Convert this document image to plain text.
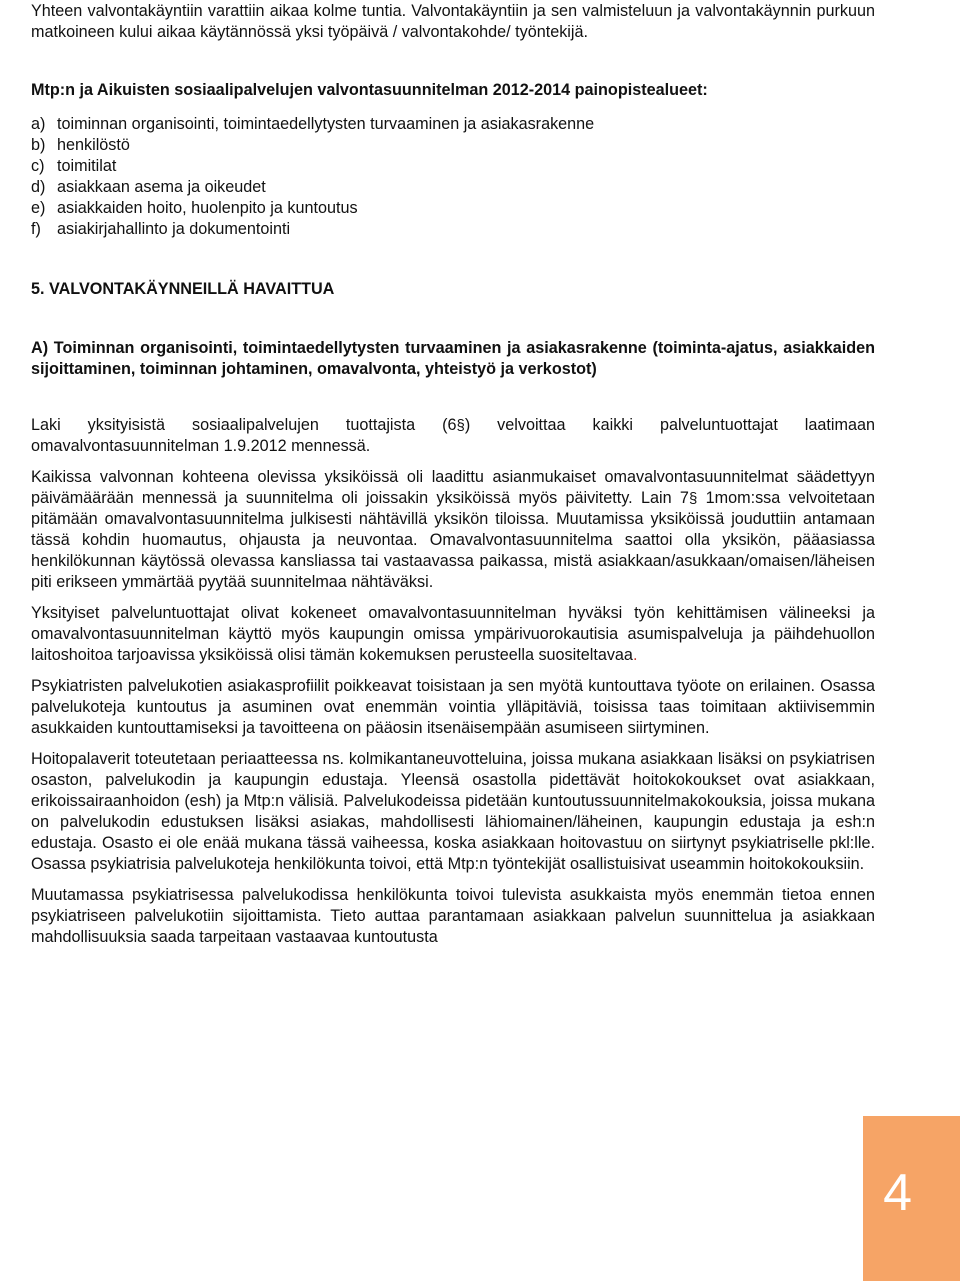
Yhteen valvontakäyntiin varattiin aikaa kolme tuntia. Valvontakäyntiin ja sen valmisteluun ja valvontakäynnin purkuun matkoineen kului aikaa käytännössä yksi työpäivä / valvontakohde/ työntekijä.

Mtp:n ja Aikuisten sosiaalipalvelujen valvontasuunnitelman 2012-2014 painopistealueet:

a) toiminnan organisointi, toimintaedellytysten turvaaminen ja asiakasrakenne
b) henkilöstö
c) toimitilat
d) asiakkaan asema ja oikeudet
e) asiakkaiden hoito, huolenpito ja kuntoutus
f) asiakirjahallinto ja dokumentointi

5. VALVONTAKÄYNNEILLÄ HAVAITTUA

A) Toiminnan organisointi, toimintaedellytysten turvaaminen ja asiakasrakenne (toiminta-ajatus, asiakkaiden sijoittaminen, toiminnan johtaminen, omavalvonta, yhteistyö ja verkostot)

Laki yksityisistä sosiaalipalvelujen tuottajista (6§) velvoittaa kaikki palveluntuottajat laatimaan omavalvontasuunnitelman 1.9.2012 mennessä.

Kaikissa valvonnan kohteena olevissa yksiköissä oli laadittu asianmukaiset omavalvontasuunnitelmat säädettyyn päivämäärään mennessä ja suunnitelma oli joissakin yksiköissä myös päivitetty. Lain 7§ 1mom:ssa velvoitetaan pitämään omavalvontasuunnitelma julkisesti nähtävillä yksikön tiloissa. Muutamissa yksiköissä jouduttiin antamaan tässä kohdin huomautus, ohjausta ja neuvontaa. Omavalvontasuunnitelma saattoi olla yksikön, pääasiassa henkilökunnan käytössä olevassa kansliassa tai vastaavassa paikassa, mistä asiakkaan/asukkaan/omaisen/läheisen piti erikseen ymmärtää pyytää suunnitelmaa nähtäväksi.

Yksityiset palveluntuottajat olivat kokeneet omavalvontasuunnitelman hyväksi työn kehittämisen välineeksi ja omavalvontasuunnitelman käyttö myös kaupungin omissa ympärivuorokautisia asumispalveluja ja päihdehuollon laitoshoitoa tarjoavissa yksiköissä olisi tämän kokemuksen perusteella suositeltavaa.

Psykiatristen palvelukotien asiakasprofiilit poikkeavat toisistaan ja sen myötä kuntouttava työote on erilainen. Osassa palvelukoteja kuntoutus ja asuminen ovat enemmän vointia ylläpitäviä, toisissa taas toimitaan aktiivisemmin asukkaiden kuntouttamiseksi ja tavoitteena on pääosin itsenäisempään asumiseen siirtyminen.

Hoitopalaverit toteutetaan periaatteessa ns. kolmikantaneuvotteluina, joissa mukana asiakkaan lisäksi on psykiatrisen osaston, palvelukodin ja kaupungin edustaja. Yleensä osastolla pidettävät hoitokokoukset ovat asiakkaan, erikoissairaanhoidon (esh) ja Mtp:n välisiä. Palvelukodeissa pidetään kuntoutussuunnitelmakokouksia, joissa mukana on palvelukodin edustuksen lisäksi asiakas, mahdollisesti lähiomainen/läheinen, kaupungin edustaja ja esh:n edustaja. Osasto ei ole enää mukana tässä vaiheessa, koska asiakkaan hoitovastuu on siirtynyt psykiatriselle pkl:lle. Osassa psykiatrisia palvelukoteja henkilökunta toivoi, että Mtp:n työntekijät osallistuisivat useammin hoitokokouksiin.

Muutamassa psykiatrisessa palvelukodissa henkilökunta toivoi tulevista asukkaista myös enemmän tietoa ennen psykiatriseen palvelukotiin sijoittamista. Tieto auttaa parantamaan asiakkaan palvelun suunnittelua ja asiakkaan mahdollisuuksia saada tarpeitaan vastaavaa kuntoutusta

4
